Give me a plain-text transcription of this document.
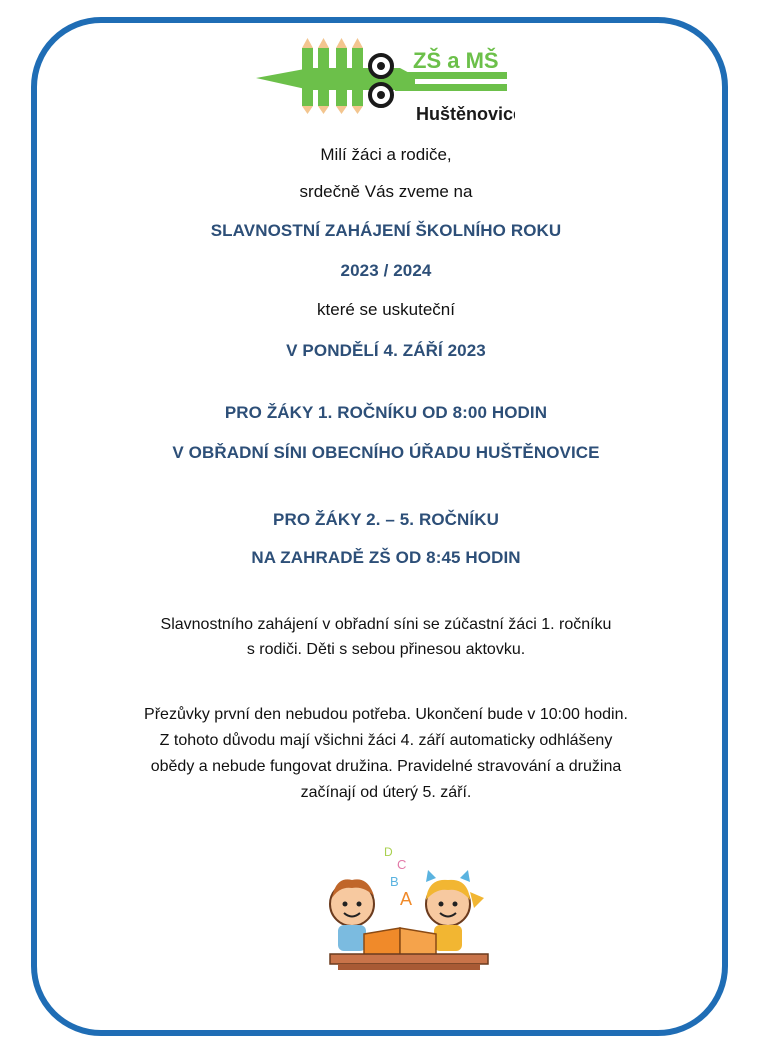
ZŠ a MŠ
Huštěnovice
Milí žáci a rodiče,
srdečně Vás zveme na
SLAVNOSTNÍ ZAHÁJENÍ ŠKOLNÍHO ROKU
2023 / 2024
které se uskuteční
V PONDĚLÍ 4. ZÁŘÍ 2023
PRO ŽÁKY 1. ROČNÍKU OD 8:00 HODIN
V OBŘADNÍ SÍNI OBECNÍHO ÚŘADU HUŠTĚNOVICE
PRO ŽÁKY 2. – 5. ROČNÍKU
NA ZAHRADĚ ZŠ OD 8:45 HODIN
Slavnostního zahájení v obřadní síni se zúčastní žáci 1. ročníku
s rodiči. Děti s sebou přinesou aktovku.
Přezůvky první den nebudou potřeba. Ukončení bude v 10:00 hodin.
Z tohoto důvodu mají všichni žáci 4. září automaticky odhlášeny
obědy a nebude fungovat družina. Pravidelné stravování a družina
začínají od úterý 5. září.
D
C
B
A
